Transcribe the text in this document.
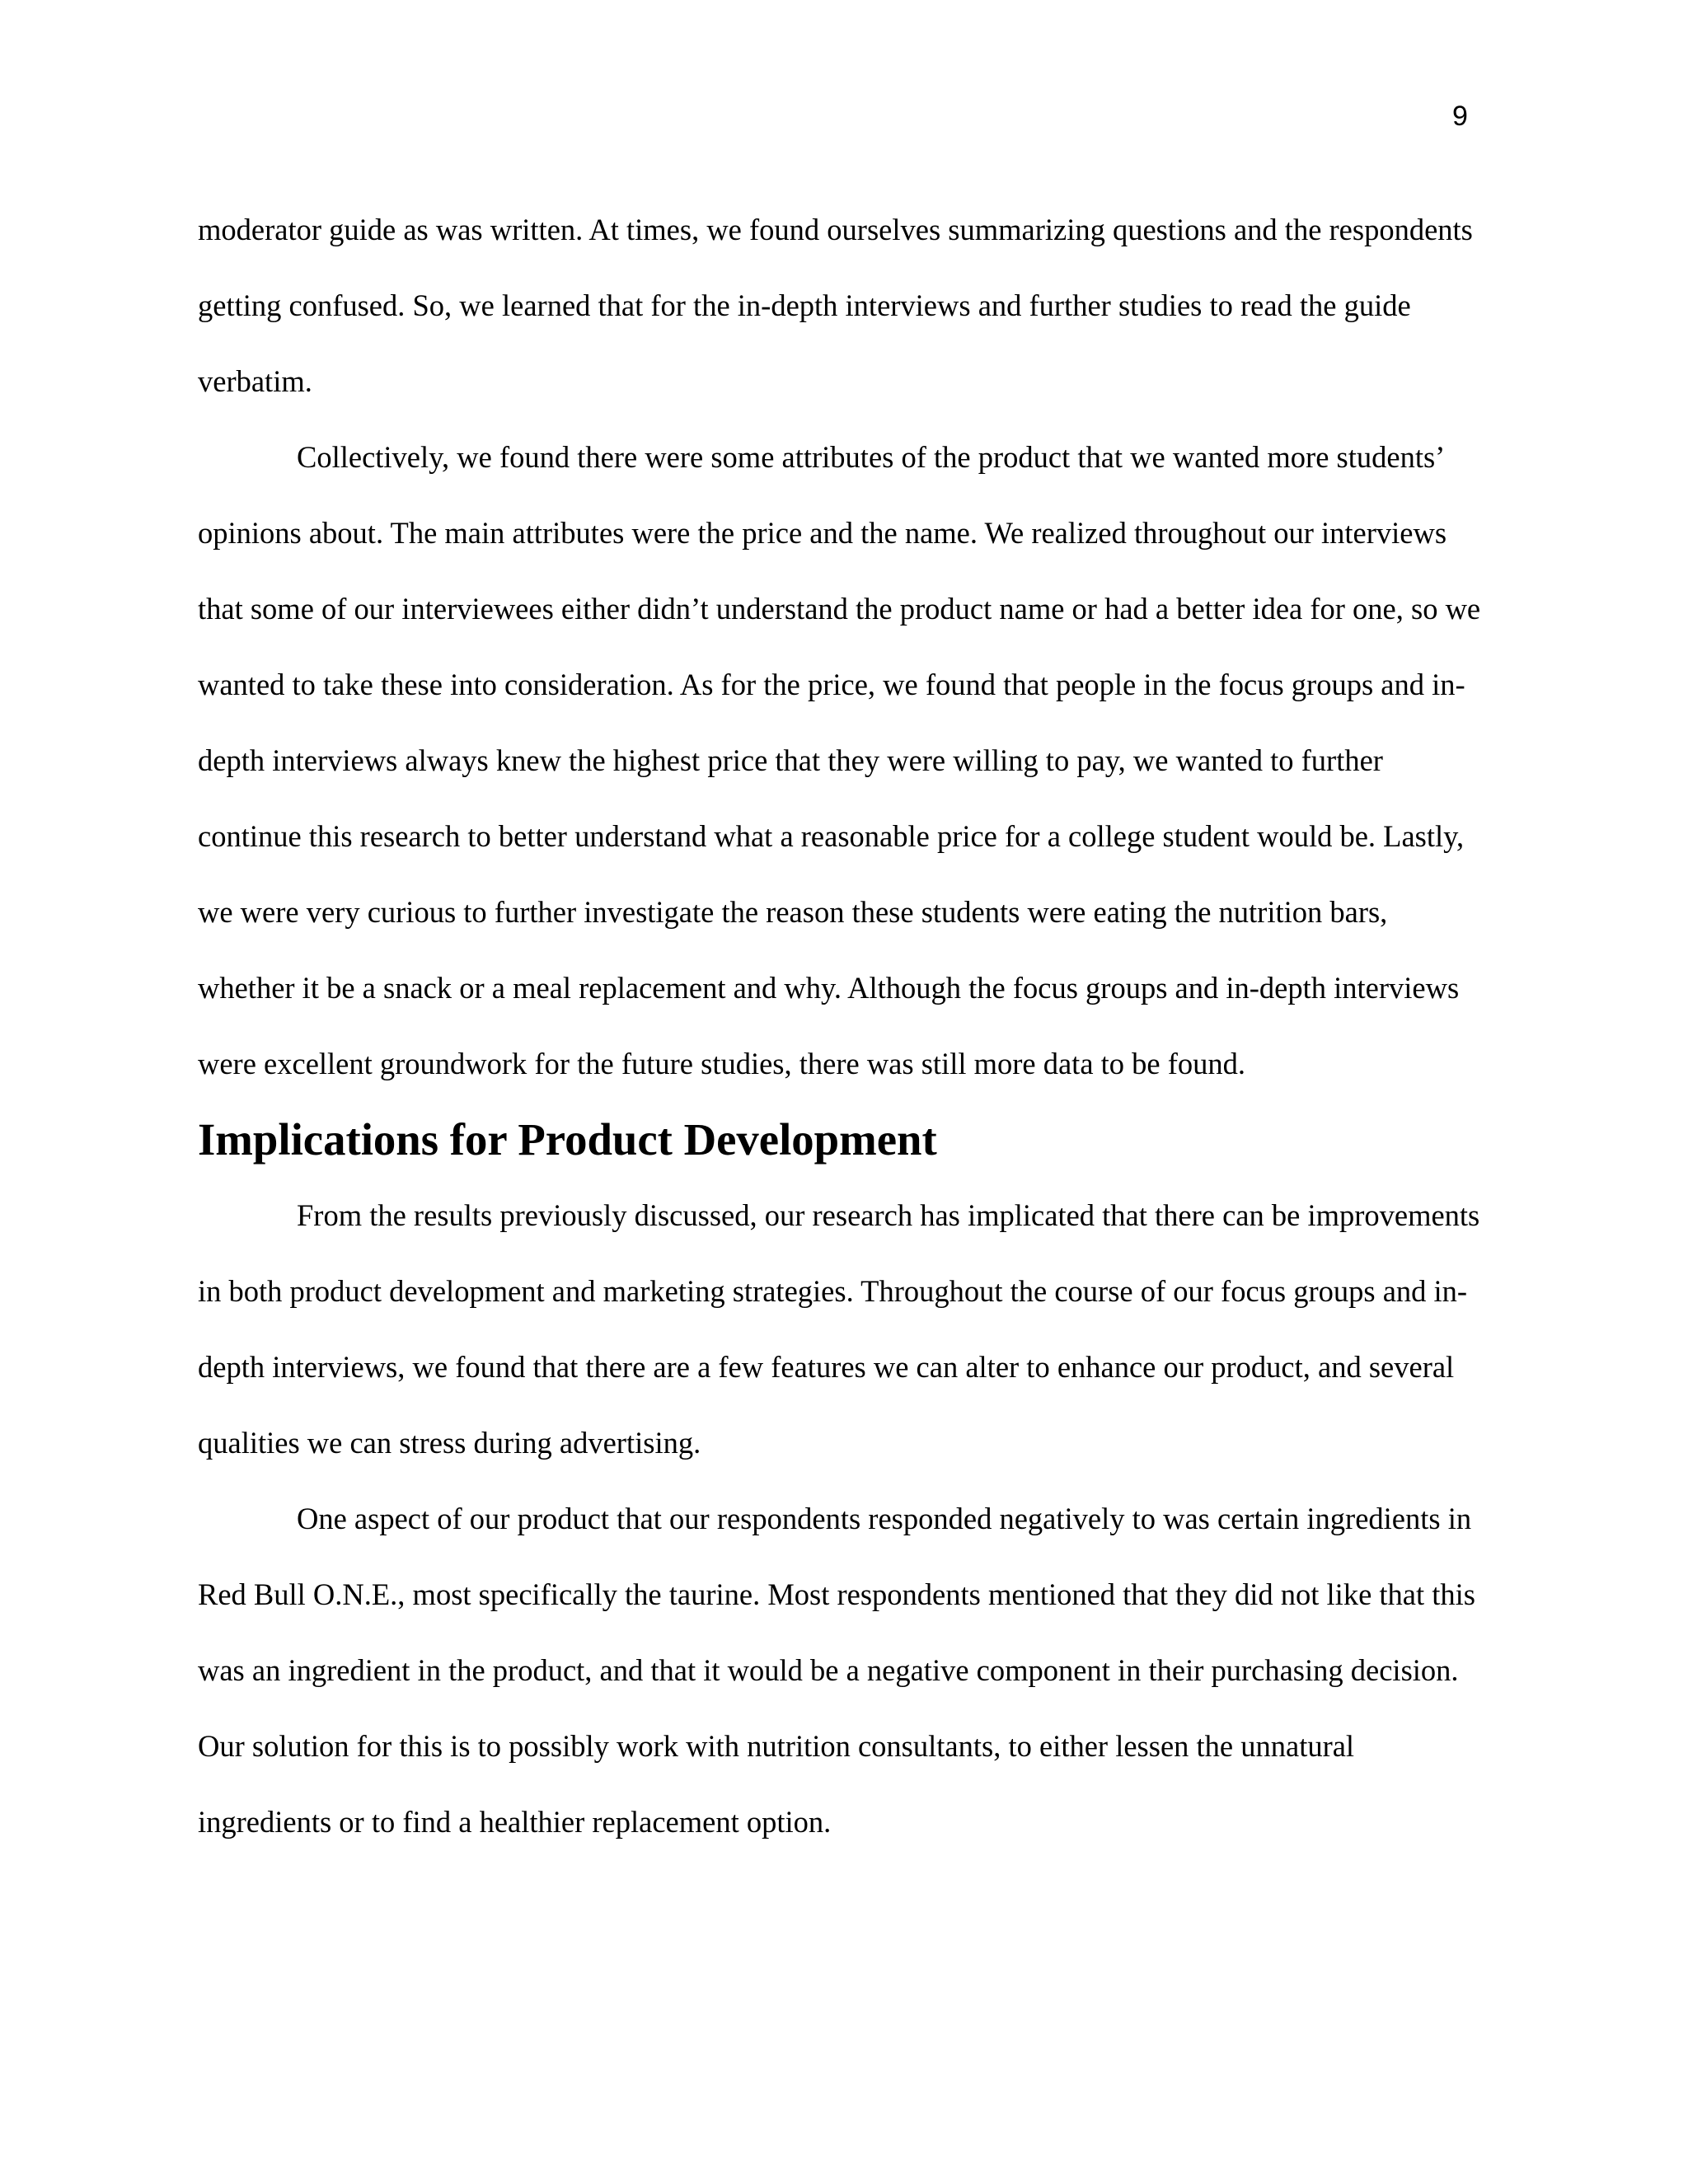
9

moderator guide as was written. At times, we found ourselves summarizing questions and the respondents getting confused. So, we learned that for the in-depth interviews and further studies to read the guide verbatim.

Collectively, we found there were some attributes of the product that we wanted more students’ opinions about. The main attributes were the price and the name. We realized throughout our interviews that some of our interviewees either didn’t understand the product name or had a better idea for one, so we wanted to take these into consideration. As for the price, we found that people in the focus groups and in-depth interviews always knew the highest price that they were willing to pay, we wanted to further continue this research to better understand what a reasonable price for a college student would be. Lastly, we were very curious to further investigate the reason these students were eating the nutrition bars, whether it be a snack or a meal replacement and why. Although the focus groups and in-depth interviews were excellent groundwork for the future studies, there was still more data to be found.

Implications for Product Development

From the results previously discussed, our research has implicated that there can be improvements in both product development and marketing strategies. Throughout the course of our focus groups and in-depth interviews, we found that there are a few features we can alter to enhance our product, and several qualities we can stress during advertising.

One aspect of our product that our respondents responded negatively to was certain ingredients in Red Bull O.N.E., most specifically the taurine. Most respondents mentioned that they did not like that this was an ingredient in the product, and that it would be a negative component in their purchasing decision. Our solution for this is to possibly work with nutrition consultants, to either lessen the unnatural ingredients or to find a healthier replacement option.
